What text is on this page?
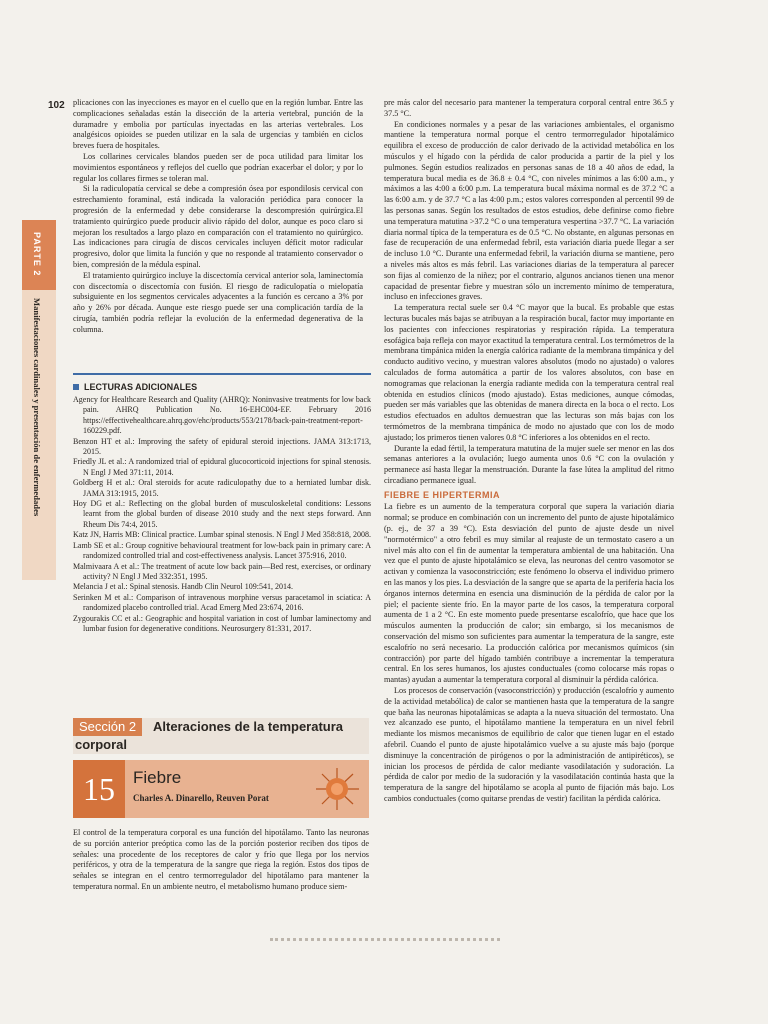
102
PARTE 2
Manifestaciones cardinales y presentación de enfermedades

plicaciones con las inyecciones es mayor en el cuello que en la región lumbar. Entre las complicaciones señaladas están la disección de la arteria vertebral, punción de la duramadre y embolia por partículas inyectadas en las arterias vertebrales. Los analgésicos opioides se pueden utilizar en la sala de urgencias y también en ciclos breves fuera de hospitales.

Los collarines cervicales blandos pueden ser de poca utilidad para limitar los movimientos espontáneos y reflejos del cuello que podrían exacerbar el dolor; y por lo regular los collares firmes se toleran mal.

Si la radiculopatía cervical se debe a compresión ósea por espondilosis cervical con estrechamiento foraminal, está indicada la valoración periódica para conocer la progresión de la enfermedad y debe considerarse la descompresión quirúrgica.El tratamiento quirúrgico puede producir alivio rápido del dolor, aunque es poco claro si mejoran los resultados a largo plazo en comparación con el tratamiento no quirúrgico. Las indicaciones para cirugía de discos cervicales incluyen déficit motor radicular progresivo, dolor que limita la función y que no responde al tratamiento conservador o bien, compresión de la médula espinal.

El tratamiento quirúrgico incluye la discectomía cervical anterior sola, laminectomía con discectomía o discectomía con fusión. El riesgo de radiculopatía o mielopatía subsiguiente en los segmentos cervicales adyacentes a la función es cercano a 3% por año y 26% por década. Aunque este riesgo puede ser una complicación tardía de la cirugía, también podría reflejar la evolución de la enfermedad degenerativa de la columna.

LECTURAS ADICIONALES
Agency for Healthcare Research and Quality (AHRQ): Noninvasive treatments for low back pain. AHRQ Publication No. 16-EHC004-EF. February 2016 https://effectivehealthcare.ahrq.gov/ehc/products/553/2178/back-pain-treatment-report-160229.pdf.
Benzon HT et al.: Improving the safety of epidural steroid injections. JAMA 313:1713, 2015.
Friedly JL et al.: A randomized trial of epidural glucocorticoid injections for spinal stenosis. N Engl J Med 371:11, 2014.
Goldberg H et al.: Oral steroids for acute radiculopathy due to a herniated lumbar disk. JAMA 313:1915, 2015.
Hoy DG et al.: Reflecting on the global burden of musculoskeletal conditions: Lessons learnt from the global burden of disease 2010 study and the next steps forward. Ann Rheum Dis 74:4, 2015.
Katz JN, Harris MB: Clinical practice. Lumbar spinal stenosis. N Engl J Med 358:818, 2008.
Lamb SE et al.: Group cognitive behavioural treatment for low-back pain in primary care: A randomized controlled trial and cost-effectiveness analysis. Lancet 375:916, 2010.
Malmivaara A et al.: The treatment of acute low back pain—Bed rest, exercises, or ordinary activity? N Engl J Med 332:351, 1995.
Melancia J et al.: Spinal stenosis. Handb Clin Neurol 109:541, 2014.
Serinken M et al.: Comparison of intravenous morphine versus paracetamol in sciatica: A randomized placebo controlled trial. Acad Emerg Med 23:674, 2016.
Zygourakis CC et al.: Geographic and hospital variation in cost of lumbar laminectomy and lumbar fusion for degenerative conditions. Neurosurgery 81:331, 2017.
Sección 2	Alteraciones de la temperatura
corporal
15	Fiebre
Charles A. Dinarello, Reuven Porat

El control de la temperatura corporal es una función del hipotálamo. Tanto las neuronas de su porción anterior preóptica como las de la porción posterior reciben dos tipos de señales: una procedente de los receptores de calor y frío que llega por los nervios periféricos, y otra de la temperatura de la sangre que riega la región. Estos dos tipos de señales se integran en el centro termorregulador del hipotálamo para mantener la temperatura normal. En un ambiente neutro, el metabolismo humano produce siem-

pre más calor del necesario para mantener la temperatura corporal central entre 36.5 y 37.5 °C.

En condiciones normales y a pesar de las variaciones ambientales, el organismo mantiene la temperatura normal porque el centro termorregulador hipotalámico equilibra el exceso de producción de calor derivado de la actividad metabólica en los músculos y el hígado con la pérdida de calor producida a partir de la piel y los pulmones. Según estudios realizados en personas sanas de 18 a 40 años de edad, la temperatura bucal media es de 36.8 ± 0.4 °C, con niveles mínimos a las 6:00 a.m., y máximos a las 4:00 a 6:00 p.m. La temperatura bucal máxima normal es de 37.2 °C a las 6:00 a.m. y de 37.7 °C a las 4:00 p.m.; estos valores corresponden al percentil 99 de las personas sanas. Según los resultados de estos estudios, debe definirse como fiebre una temperatura matutina >37.2 °C o una temperatura vespertina >37.7 °C. La variación diaria normal típica de la temperatura es de 0.5 °C. No obstante, en algunas personas en fase de recuperación de una enfermedad febril, esta variación diaria puede llegar a ser de incluso 1.0 °C. Durante una enfermedad febril, la variación diurna se mantiene, pero a niveles más altos es más febril. Las variaciones diarias de la temperatura al parecer son fijas al comienzo de la niñez; por el contrario, algunos ancianos tienen una menor capacidad de presentar fiebre y muestran sólo un incremento mínimo de temperatura, incluso en infecciones graves.

La temperatura rectal suele ser 0.4 °C mayor que la bucal. Es probable que estas lecturas bucales más bajas se atribuyan a la respiración bucal, factor muy importante en los pacientes con infecciones respiratorias y respiración rápida. La temperatura esofágica baja refleja con mayor exactitud la temperatura central. Los termómetros de la membrana timpánica miden la energía calórica radiante de la membrana timpánica y del conducto auditivo vecino, y muestran valores absolutos (modo no ajustado) o valores calculados de forma automática a partir de los valores absolutos, con base en nomogramas que relacionan la energía radiante medida con la temperatura central real obtenida en estudios clínicos (modo ajustado). Estas mediciones, aunque cómodas, pueden ser más variables que las obtenidas de manera directa en la boca o el recto. Los estudios efectuados en adultos demuestran que las lecturas son más bajas con los termómetros de la membrana timpánica de modo no ajustado que con los de modo ajustado; los primeros tienen valores 0.8 °C inferiores a los obtenidos en el recto.

Durante la edad fértil, la temperatura matutina de la mujer suele ser menor en las dos semanas anteriores a la ovulación; luego aumenta unos 0.6 °C con la ovulación y permanece así hasta llegar la menstruación. Durante la fase lútea la amplitud del ritmo circadiano permanece igual.

FIEBRE E HIPERTERMIA

La fiebre es un aumento de la temperatura corporal que supera la variación diaria normal; se produce en combinación con un incremento del punto de ajuste hipotalámico (p. ej., de 37 a 39 °C). Esta desviación del punto de ajuste desde un nivel "normotérmico" a otro febril es muy similar al reajuste de un termostato casero a un nivel más alto con el fin de aumentar la temperatura ambiental de una habitación. Una vez que el punto de ajuste hipotalámico se eleva, las neuronas del centro vasomotor se activan y comienza la vasoconstricción; este fenómeno lo observa el individuo primero en las manos y los pies. La desviación de la sangre que se aparta de la periferia hacia los órganos internos determina en esencia una disminución de la pérdida de calor por la piel; el paciente siente frío. En la mayor parte de los casos, la temperatura corporal aumenta de 1 a 2 °C. En este momento puede presentarse escalofrío, que hace que los músculos aumenten la producción de calor; sin embargo, si los mecanismos de conservación del mismo son suficientes para aumentar la temperatura de la sangre, este escalofrío no será necesario. La producción calórica por mecanismos químicos (sin contracción) por parte del hígado también contribuye a incrementar la temperatura central. En los seres humanos, los ajustes conductuales (como colocarse más ropas o mantas) ayudan a aumentar la temperatura corporal al disminuir la pérdida calórica.

Los procesos de conservación (vasoconstricción) y producción (escalofrío y aumento de la actividad metabólica) de calor se mantienen hasta que la temperatura de la sangre que baña las neuronas hipotalámicas se adapta a la nueva situación del termostato. Una vez alcanzado ese punto, el hipotálamo mantiene la temperatura en un nivel febril mediante los mismos mecanismos de equilibrio de calor que tienen lugar en el estado afebril. Cuando el punto de ajuste hipotalámico vuelve a su ajuste más bajo (porque disminuye la concentración de pirógenos o por la administración de antipiréticos), se inician los procesos de pérdida de calor mediante vasodilatación y sudoración. La pérdida de calor por medio de la sudoración y la vasodilatación continúa hasta que la temperatura de la sangre del hipotálamo se acopla al punto de fijación más bajo. Los cambios conductuales (como quitarse prendas de vestir) facilitan la pérdida calórica.
